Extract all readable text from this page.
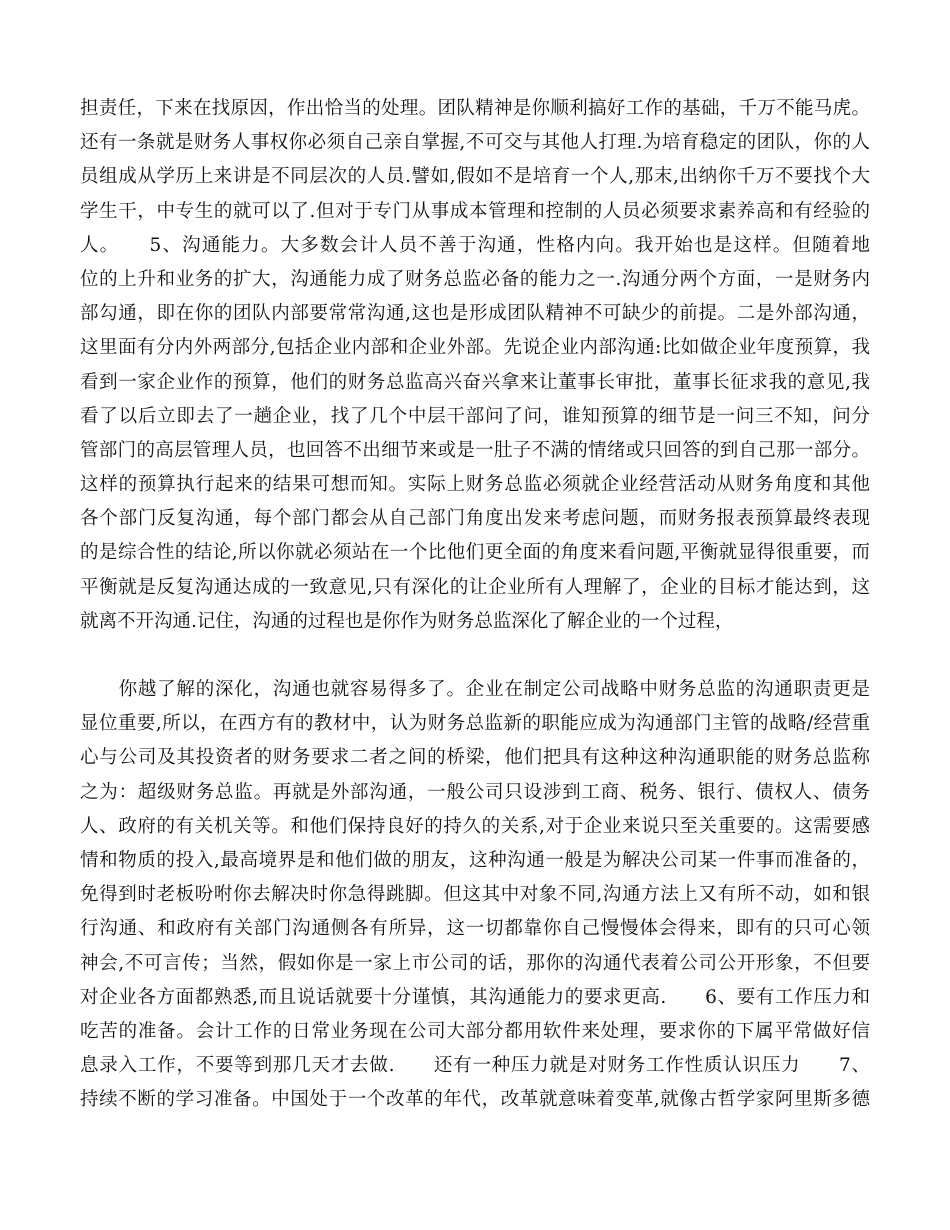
担责任，下来在找原因，作出恰当的处理。团队精神是你顺利搞好工作的基础，千万不能马虎。
还有一条就是财务人事权你必须自己亲自掌握,不可交与其他人打理.为培育稳定的团队，你的人
员组成从学历上来讲是不同层次的人员.譬如,假如不是培育一个人,那末,出纳你千万不要找个大
学生干，中专生的就可以了.但对于专门从事成本管理和控制的人员必须要求素养高和有经验的
人。　　5、沟通能力。大多数会计人员不善于沟通，性格内向。我开始也是这样。但随着地
位的上升和业务的扩大，沟通能力成了财务总监必备的能力之一.沟通分两个方面，一是财务内
部勾通，即在你的团队内部要常常沟通,这也是形成团队精神不可缺少的前提。二是外部沟通，
这里面有分内外两部分,包括企业内部和企业外部。先说企业内部沟通:比如做企业年度预算，我
看到一家企业作的预算，他们的财务总监高兴奋兴拿来让董事长审批，董事长征求我的意见,我
看了以后立即去了一趟企业，找了几个中层干部问了问，谁知预算的细节是一问三不知，问分
管部门的高层管理人员，也回答不出细节来或是一肚子不满的情绪或只回答的到自己那一部分。
这样的预算执行起来的结果可想而知。实际上财务总监必须就企业经营活动从财务角度和其他
各个部门反复沟通，每个部门都会从自己部门角度出发来考虑问题，而财务报表预算最终表现
的是综合性的结论,所以你就必须站在一个比他们更全面的角度来看问题,平衡就显得很重要，而
平衡就是反复沟通达成的一致意见,只有深化的让企业所有人理解了，企业的目标才能达到，这
就离不开沟通.记住，沟通的过程也是你作为财务总监深化了解企业的一个过程，
　　你越了解的深化，沟通也就容易得多了。企业在制定公司战略中财务总监的沟通职责更是
显位重要,所以，在西方有的教材中，认为财务总监新的职能应成为沟通部门主管的战略/经营重
心与公司及其投资者的财务要求二者之间的桥梁，他们把具有这种这种沟通职能的财务总监称
之为：超级财务总监。再就是外部沟通，一般公司只设涉到工商、税务、银行、债权人、债务
人、政府的有关机关等。和他们保持良好的持久的关系,对于企业来说只至关重要的。这需要感
情和物质的投入,最高境界是和他们做的朋友，这种沟通一般是为解决公司某一件事而准备的，
免得到时老板吩咐你去解决时你急得跳脚。但这其中对象不同,沟通方法上又有所不动，如和银
行沟通、和政府有关部门沟通侧各有所异，这一切都靠你自己慢慢体会得来，即有的只可心领
神会,不可言传；当然，假如你是一家上市公司的话，那你的沟通代表着公司公开形象，不但要
对企业各方面都熟悉,而且说话就要十分谨慎，其沟通能力的要求更高.　　6、要有工作压力和
吃苦的准备。会计工作的日常业务现在公司大部分都用软件来处理，要求你的下属平常做好信
息录入工作，不要等到那几天才去做.　　还有一种压力就是对财务工作性质认识压力　　7、
持续不断的学习准备。中国处于一个改革的年代，改革就意味着变革,就像古哲学家阿里斯多德
